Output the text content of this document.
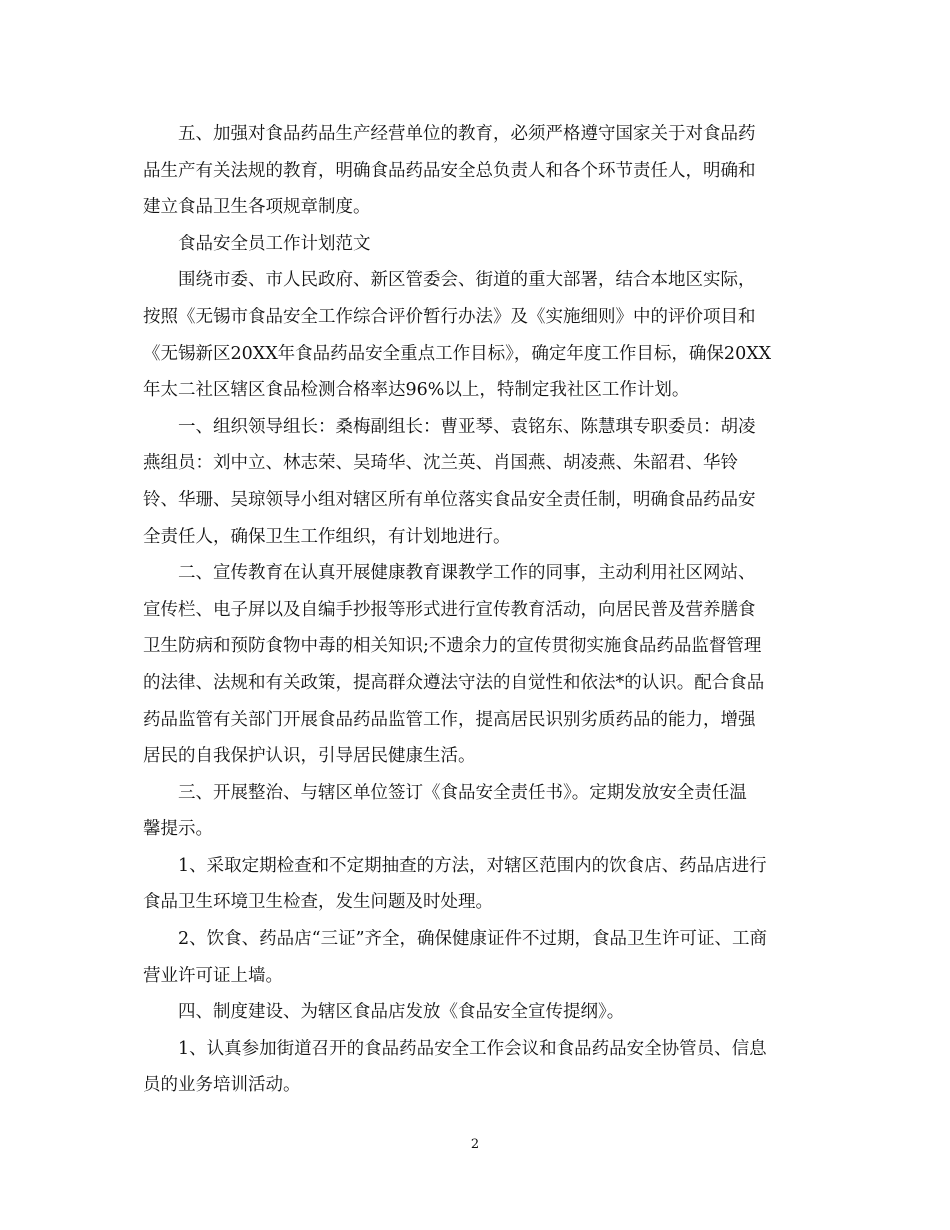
五、加强对食品药品生产经营单位的教育，必须严格遵守国家关于对食品药
品生产有关法规的教育，明确食品药品安全总负责人和各个环节责任人，明确和
建立食品卫生各项规章制度。

食品安全员工作计划范文

围绕市委、市人民政府、新区管委会、街道的重大部署，结合本地区实际，
按照《无锡市食品安全工作综合评价暂行办法》及《实施细则》中的评价项目和
《无锡新区20XX年食品药品安全重点工作目标》，确定年度工作目标，确保20XX
年太二社区辖区食品检测合格率达96%以上，特制定我社区工作计划。

一、组织领导组长：桑梅副组长：曹亚琴、袁铭东、陈慧琪专职委员：胡凌
燕组员：刘中立、林志荣、吴琦华、沈兰英、肖国燕、胡凌燕、朱韶君、华铃
铃、华珊、吴琼领导小组对辖区所有单位落实食品安全责任制，明确食品药品安
全责任人，确保卫生工作组织，有计划地进行。

二、宣传教育在认真开展健康教育课教学工作的同事，主动利用社区网站、
宣传栏、电子屏以及自编手抄报等形式进行宣传教育活动，向居民普及营养膳食
卫生防病和预防食物中毒的相关知识;不遗余力的宣传贯彻实施食品药品监督管理
的法律、法规和有关政策，提高群众遵法守法的自觉性和依法*的认识。配合食品
药品监管有关部门开展食品药品监管工作，提高居民识别劣质药品的能力，增强
居民的自我保护认识，引导居民健康生活。

三、开展整治、与辖区单位签订《食品安全责任书》。定期发放安全责任温
馨提示。

1、采取定期检查和不定期抽查的方法，对辖区范围内的饮食店、药品店进行
食品卫生环境卫生检查，发生问题及时处理。

2、饮食、药品店“三证”齐全，确保健康证件不过期，食品卫生许可证、工商
营业许可证上墙。

四、制度建设、为辖区食品店发放《食品安全宣传提纲》。

1、认真参加街道召开的食品药品安全工作会议和食品药品安全协管员、信息
员的业务培训活动。

2
